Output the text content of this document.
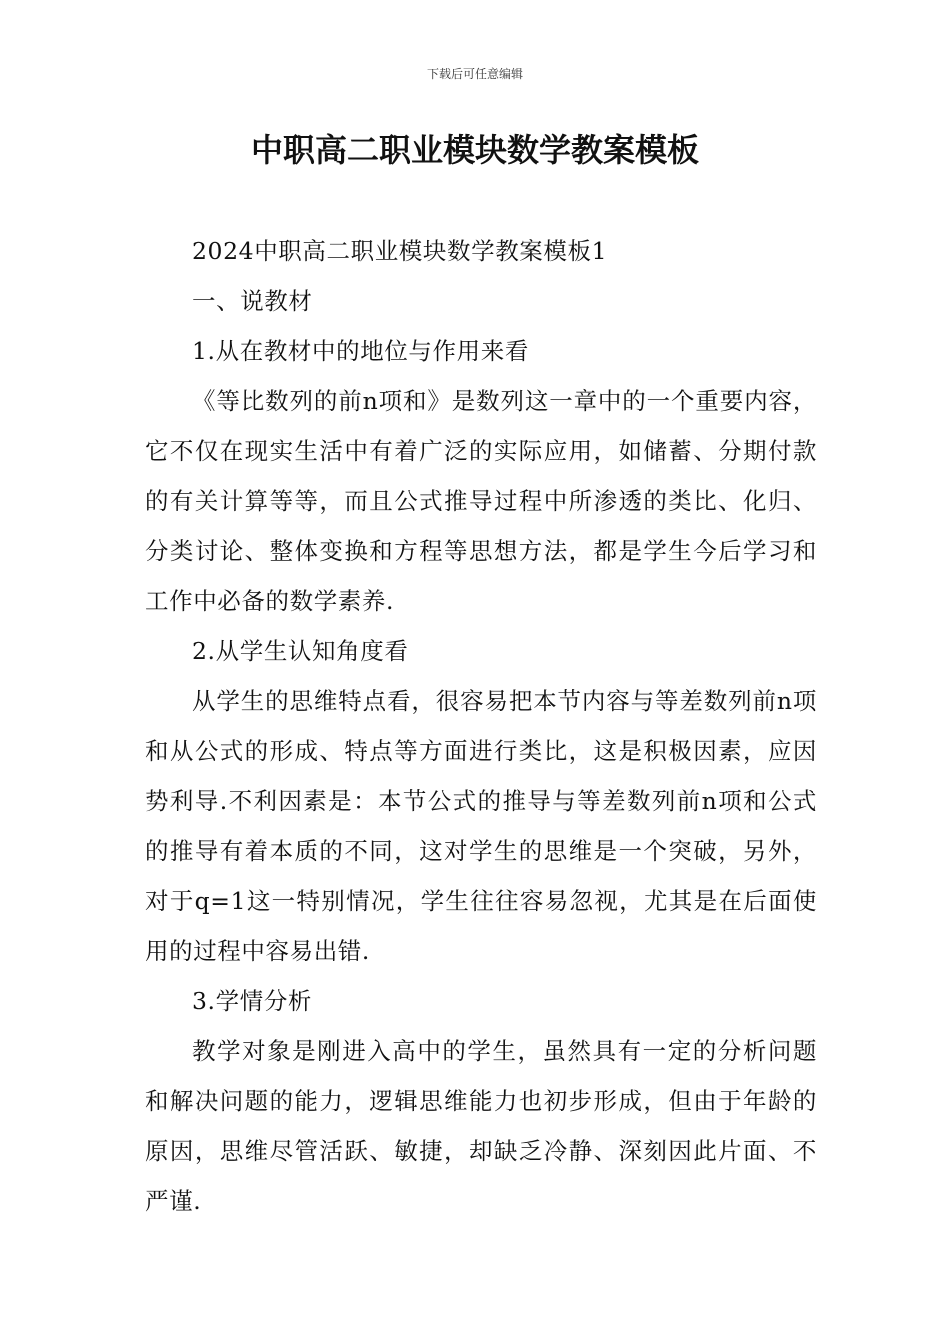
下载后可任意编辑
中职高二职业模块数学教案模板

2024中职高二职业模块数学教案模板1

一、说教材

1.从在教材中的地位与作用来看

《等比数列的前n项和》是数列这一章中的一个重要内容，它不仅在现实生活中有着广泛的实际应用，如储蓄、分期付款的有关计算等等，而且公式推导过程中所渗透的类比、化归、分类讨论、整体变换和方程等思想方法，都是学生今后学习和工作中必备的数学素养.

2.从学生认知角度看

从学生的思维特点看，很容易把本节内容与等差数列前n项和从公式的形成、特点等方面进行类比，这是积极因素，应因势利导.不利因素是：本节公式的推导与等差数列前n项和公式的推导有着本质的不同，这对学生的思维是一个突破，另外，对于q=1这一特别情况，学生往往容易忽视，尤其是在后面使用的过程中容易出错.

3.学情分析

教学对象是刚进入高中的学生，虽然具有一定的分析问题和解决问题的能力，逻辑思维能力也初步形成，但由于年龄的原因，思维尽管活跃、敏捷，却缺乏冷静、深刻因此片面、不严谨.
